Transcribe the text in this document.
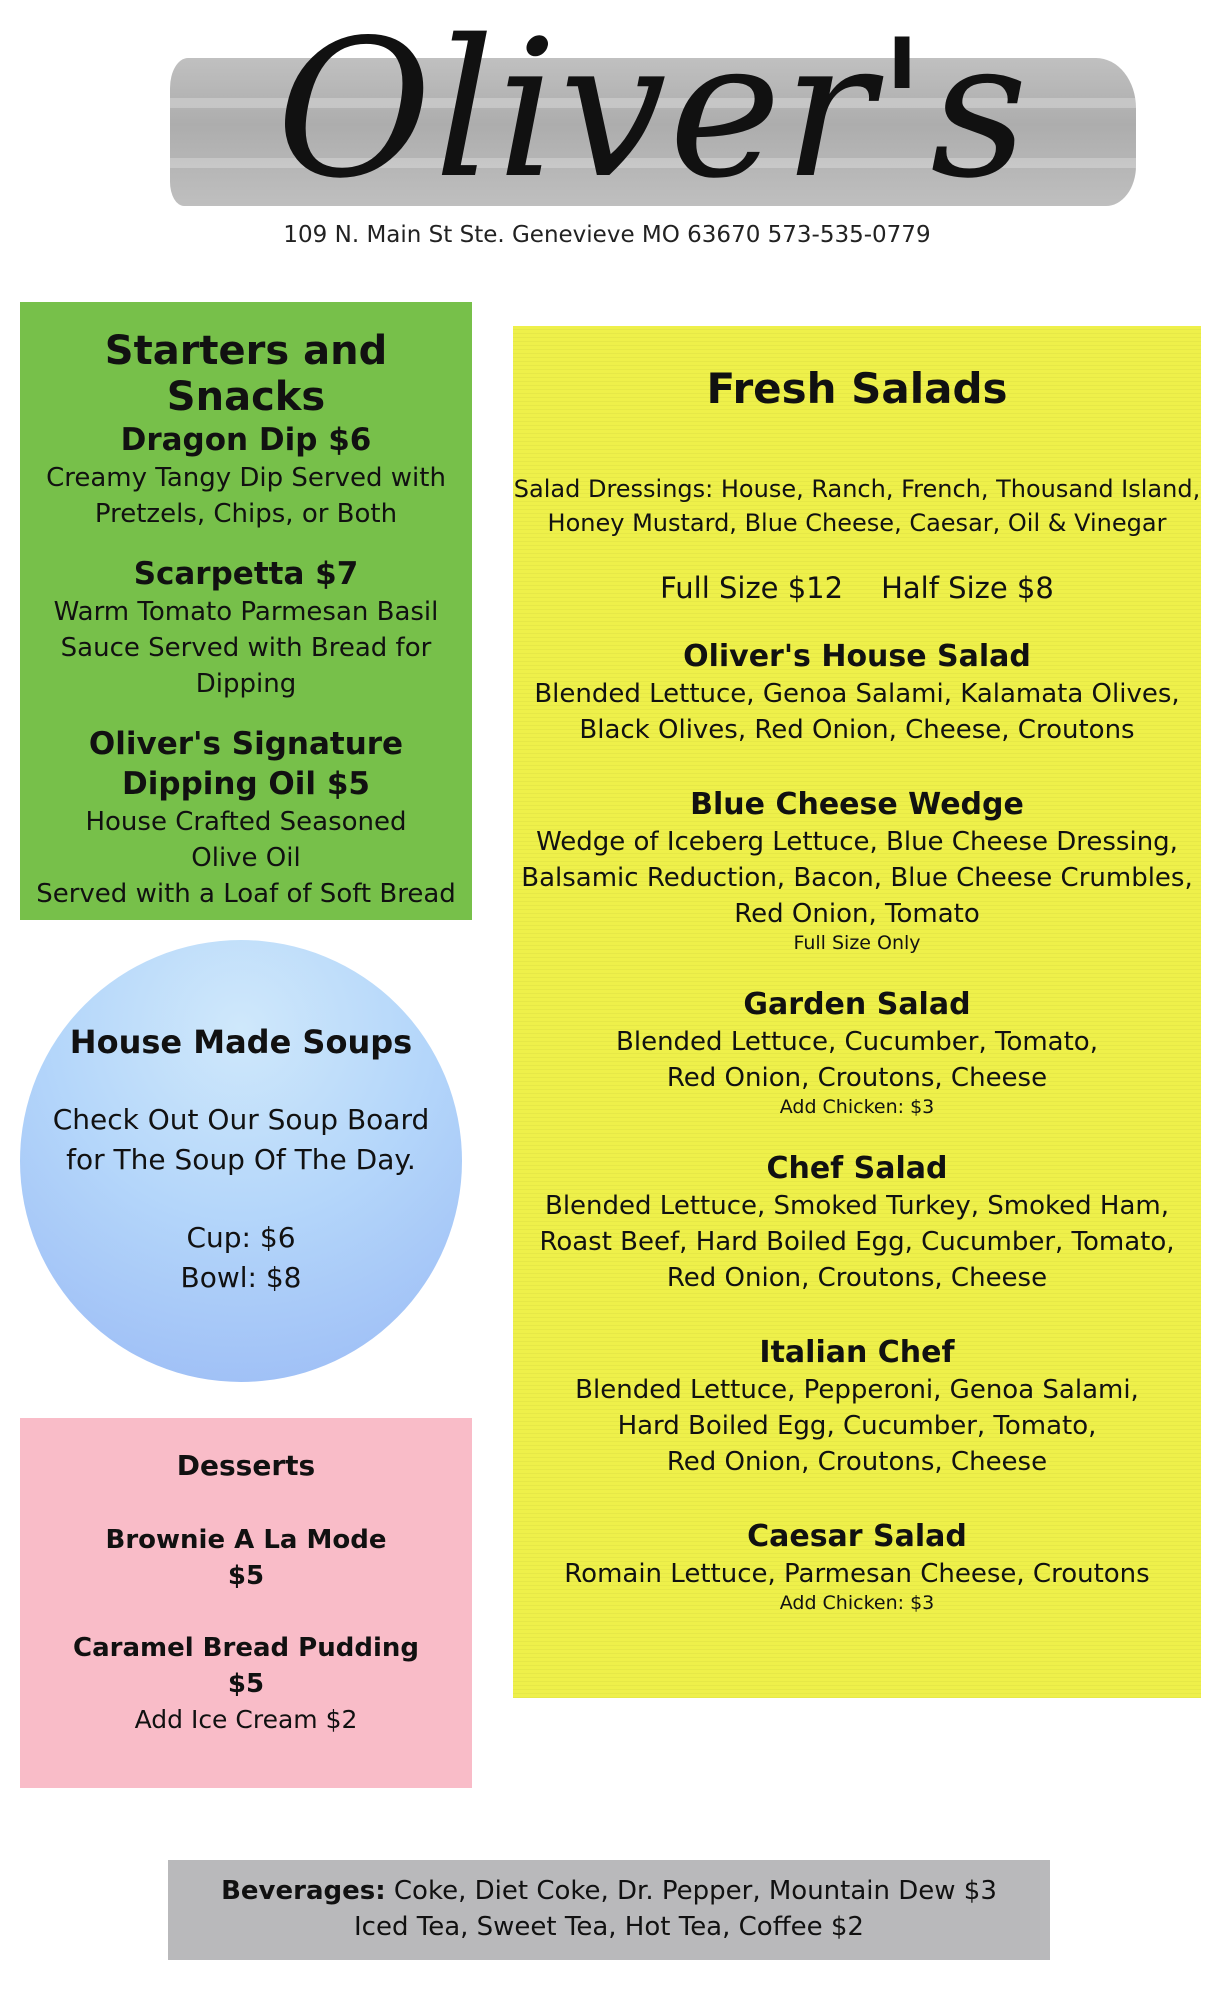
Oliver's
109 N. Main St Ste. Genevieve MO 63670 573-535-0779
Starters and Snacks
Dragon Dip $6
Creamy Tangy Dip Served with
Pretzels, Chips, or Both
Scarpetta $7
Warm Tomato Parmesan Basil
Sauce Served with Bread for
Dipping
Oliver's Signature
Dipping Oil $5
House Crafted Seasoned
Olive Oil
Served with a Loaf of Soft Bread
House Made Soups
Check Out Our Soup Board
for The Soup Of The Day.
Cup: $6
Bowl: $8
Desserts
Brownie A La Mode
$5
Caramel Bread Pudding
$5
Add Ice Cream $2
Fresh Salads
Salad Dressings: House, Ranch, French, Thousand Island,
Honey Mustard, Blue Cheese, Caesar, Oil & Vinegar
Full Size $12 Half Size $8
Oliver's House Salad
Blended Lettuce, Genoa Salami, Kalamata Olives,
Black Olives, Red Onion, Cheese, Croutons
Blue Cheese Wedge
Wedge of Iceberg Lettuce, Blue Cheese Dressing,
Balsamic Reduction, Bacon, Blue Cheese Crumbles,
Red Onion, Tomato
Full Size Only
Garden Salad
Blended Lettuce, Cucumber, Tomato,
Red Onion, Croutons, Cheese
Add Chicken: $3
Chef Salad
Blended Lettuce, Smoked Turkey, Smoked Ham,
Roast Beef, Hard Boiled Egg, Cucumber, Tomato,
Red Onion, Croutons, Cheese
Italian Chef
Blended Lettuce, Pepperoni, Genoa Salami,
Hard Boiled Egg, Cucumber, Tomato,
Red Onion, Croutons, Cheese
Caesar Salad
Romain Lettuce, Parmesan Cheese, Croutons
Add Chicken: $3
Beverages: Coke, Diet Coke, Dr. Pepper, Mountain Dew $3
Iced Tea, Sweet Tea, Hot Tea, Coffee $2
